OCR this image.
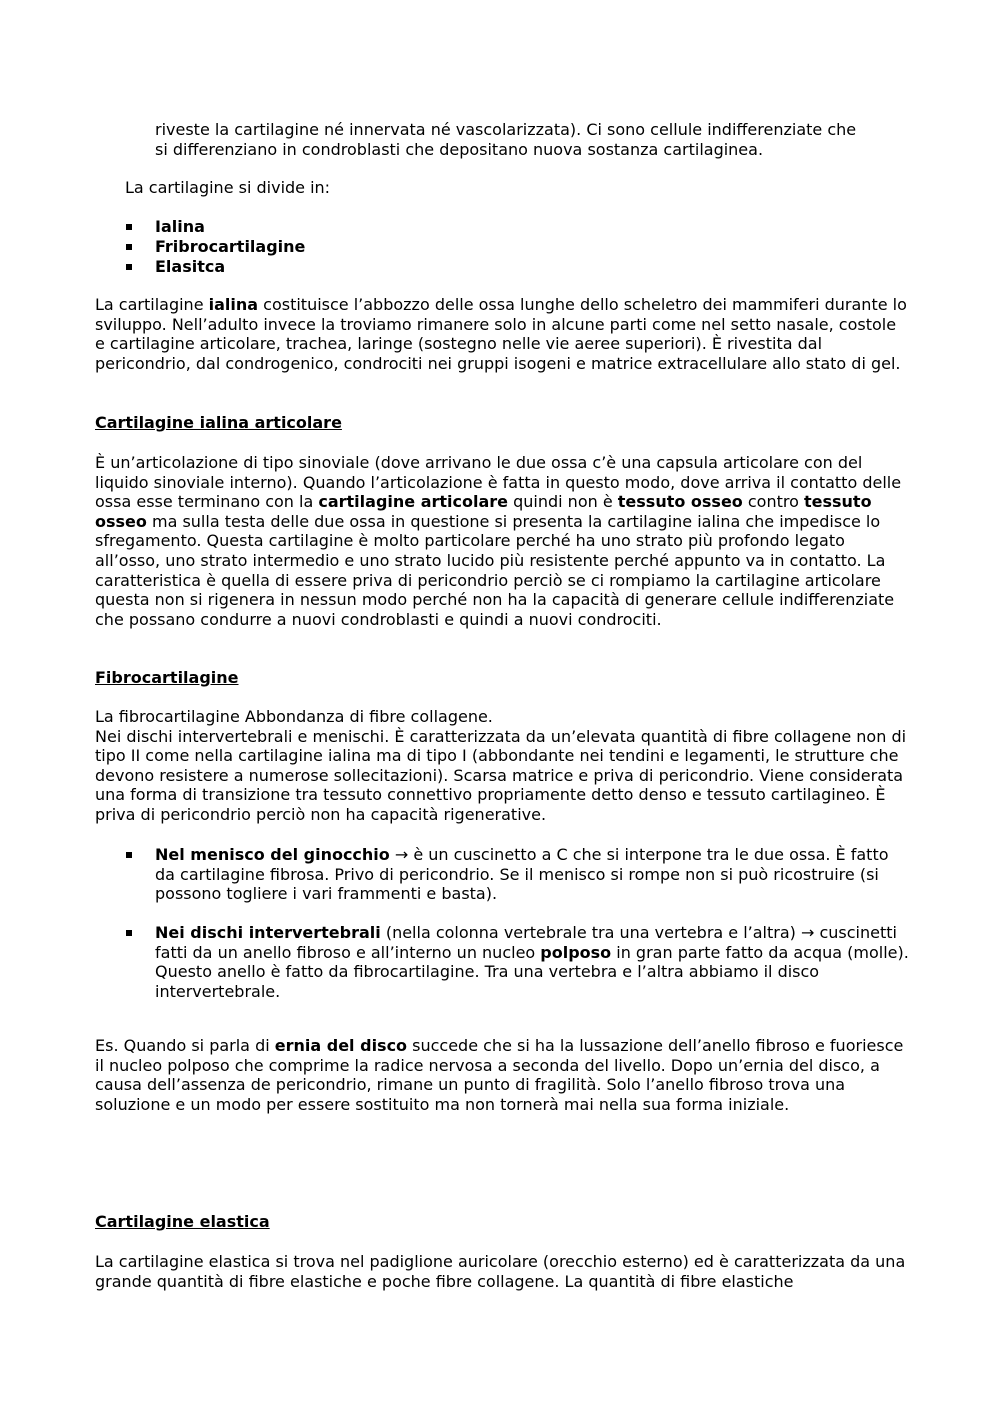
riveste la cartilagine né innervata né vascolarizzata). Ci sono cellule indifferenziate che
si differenziano in condroblasti che depositano nuova sostanza cartilaginea.
La cartilagine si divide in:
Ialina
Fribrocartilagine
Elasitca

La cartilagine ialina costituisce l’abbozzo delle ossa lunghe dello scheletro dei mammiferi durante lo sviluppo. Nell’adulto invece la troviamo rimanere solo in alcune parti come nel setto nasale, costole e cartilagine articolare, trachea, laringe (sostegno nelle vie aeree superiori). È rivestita dal pericondrio, dal condrogenico, condrociti nei gruppi isogeni e matrice extracellulare allo stato di gel.

Cartilagine ialina articolare

È un’articolazione di tipo sinoviale (dove arrivano le due ossa c’è una capsula articolare con del liquido sinoviale interno). Quando l’articolazione è fatta in questo modo, dove arriva il contatto delle ossa esse terminano con la cartilagine articolare quindi non è tessuto osseo contro tessuto osseo ma sulla testa delle due ossa in questione si presenta la cartilagine ialina che impedisce lo sfregamento. Questa cartilagine è molto particolare perché ha uno strato più profondo legato all’osso, uno strato intermedio e uno strato lucido più resistente perché appunto va in contatto. La caratteristica è quella di essere priva di pericondrio perciò se ci rompiamo la cartilagine articolare questa non si rigenera in nessun modo perché non ha la capacità di generare cellule indifferenziate che possano condurre a nuovi condroblasti e quindi a nuovi condrociti.

Fibrocartilagine
La fibrocartilagine Abbondanza di fibre collagene.
Nei dischi intervertebrali e menischi. È caratterizzata da un’elevata quantità di fibre collagene non di tipo II come nella cartilagine ialina ma di tipo I (abbondante nei tendini e legamenti, le strutture che devono resistere a numerose sollecitazioni). Scarsa matrice e priva di pericondrio. Viene considerata una forma di transizione tra tessuto connettivo propriamente detto denso e tessuto cartilagineo. È priva di pericondrio perciò non ha capacità rigenerative.
Nel menisco del ginocchio → è un cuscinetto a C che si interpone tra le due ossa. È fatto da cartilagine fibrosa. Privo di pericondrio. Se il menisco si rompe non si può ricostruire (si possono togliere i vari frammenti e basta).
Nei dischi intervertebrali (nella colonna vertebrale tra una vertebra e l’altra) → cuscinetti fatti da un anello fibroso e all’interno un nucleo polposo in gran parte fatto da acqua (molle). Questo anello è fatto da fibrocartilagine. Tra una vertebra e l’altra abbiamo il disco intervertebrale.

Es. Quando si parla di ernia del disco succede che si ha la lussazione dell’anello fibroso e fuoriesce il nucleo polposo che comprime la radice nervosa a seconda del livello. Dopo un’ernia del disco, a causa dell’assenza de pericondrio, rimane un punto di fragilità. Solo l’anello fibroso trova una soluzione e un modo per essere sostituito ma non tornerà mai nella sua forma iniziale.

Cartilagine elastica

La cartilagine elastica si trova nel padiglione auricolare (orecchio esterno) ed è caratterizzata da una grande quantità di fibre elastiche e poche fibre collagene. La quantità di fibre elastiche
